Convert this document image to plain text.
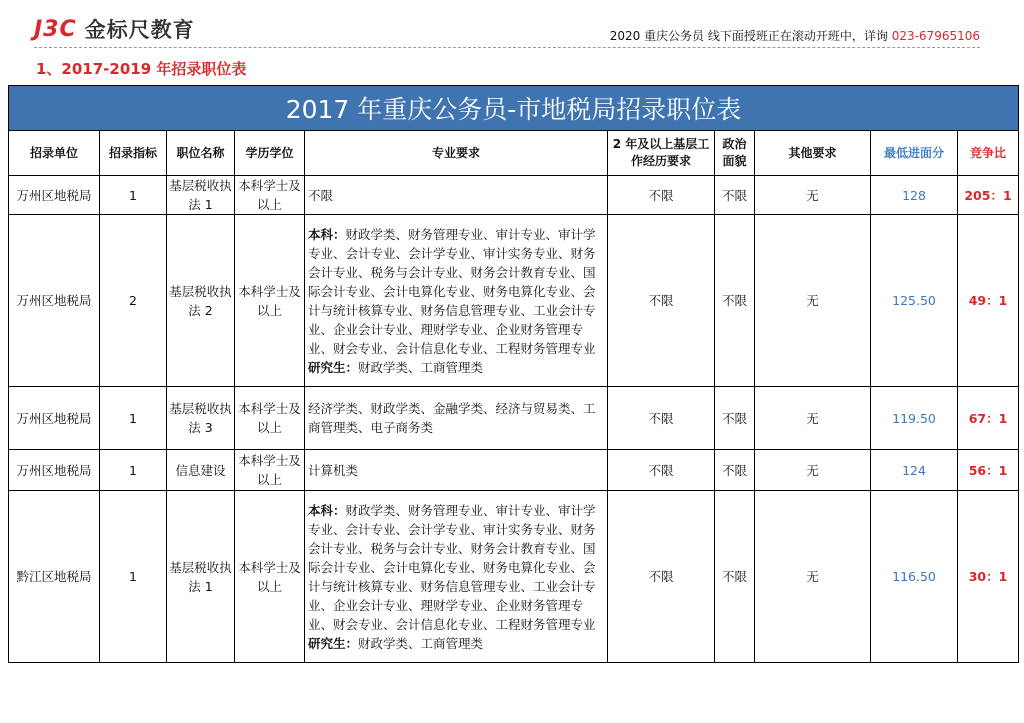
J3C 金标尺教育	2020 重庆公务员 线下面授班正在滚动开班中，详询 023-67965106
1、2017-2019 年招录职位表
2017 年重庆公务员-市地税局招录职位表									
招录单位	招录指标	职位名称	学历学位	专业要求	2 年及以上基层工作经历要求	政治面貌	其他要求	最低进面分	竞争比
万州区地税局	1	基层税收执法 1	本科学士及以上	不限	不限	不限	无	128	205：1
万州区地税局	2	基层税收执法 2	本科学士及以上	本科：财政学类、财务管理专业、审计专业、审计学专业、会计专业、会计学专业、审计实务专业、财务会计专业、税务与会计专业、财务会计教育专业、国际会计专业、会计电算化专业、财务电算化专业、会计与统计核算专业、财务信息管理专业、工业会计专业、企业会计专业、理财学专业、企业财务管理专业、财会专业、会计信息化专业、工程财务管理专业
研究生：财政学类、工商管理类	不限	不限	无	125.50	49：1
万州区地税局	1	基层税收执法 3	本科学士及以上	经济学类、财政学类、金融学类、经济与贸易类、工商管理类、电子商务类	不限	不限	无	119.50	67：1
万州区地税局	1	信息建设	本科学士及以上	计算机类	不限	不限	无	124	56：1
黔江区地税局	1	基层税收执法 1	本科学士及以上	本科：财政学类、财务管理专业、审计专业、审计学专业、会计专业、会计学专业、审计实务专业、财务会计专业、税务与会计专业、财务会计教育专业、国际会计专业、会计电算化专业、财务电算化专业、会计与统计核算专业、财务信息管理专业、工业会计专业、企业会计专业、理财学专业、企业财务管理专业、财会专业、会计信息化专业、工程财务管理专业
研究生：财政学类、工商管理类	不限	不限	无	116.50	30：1
